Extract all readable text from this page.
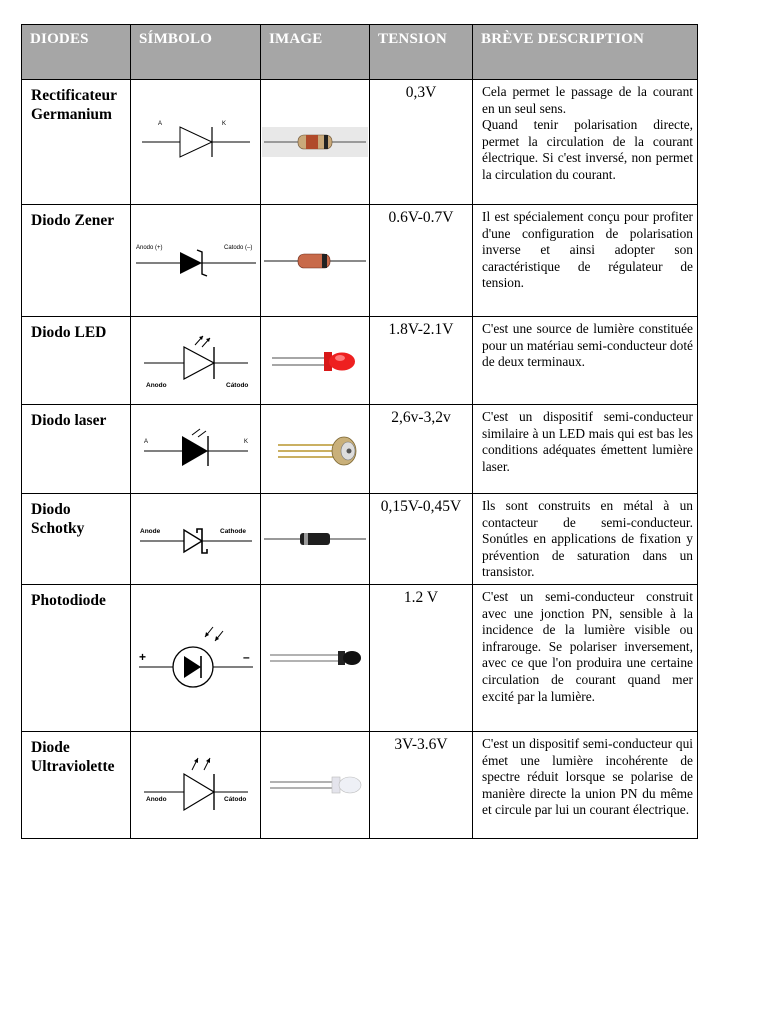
DIODES	SÍMBOLO	IMAGE	TENSION	BRÈVE DESCRIPTION
Rectificateur Germanium	A K		0,3V	Cela permet le passage de la courant en un seul sens.
Quand tenir polarisation directe, permet la circulation de la courant électrique. Si c'est inversé, non permet la circulation du courant.

Diodo Zener	Anodo (+) Catodo (–)		0.6V-0.7V	Il est spécialement conçu pour profiter d'une configuration de polarisation inverse et ainsi adopter son caractéristique de régulateur de tension.

Diodo LED	Anodo Cátodo		1.8V-2.1V	C'est une source de lumière constituée pour un matériau semi-conducteur doté de deux terminaux.

Diodo laser	A K		2,6v-3,2v	C'est un dispositif semi-conducteur similaire à un LED mais qui est bas les conditions adéquates émettent lumière laser.

Diodo Schotky	Anode Cathode		0,15V-0,45V	Ils sont construits en métal à un contacteur de semi-conducteur. Sonútles en applications de fixation y prévention de saturation dans un transistor.

Photodiode	+ –		1.2 V	C'est un semi-conducteur construit avec une jonction PN, sensible à la incidence de la lumière visible ou infrarouge. Se polariser inversement, avec ce que l'on produira une certaine circulation de courant quand mer excité par la lumière.

Diode Ultraviolette	Anodo Cátodo		3V-3.6V	C'est un dispositif semi-conducteur qui émet une lumière incohérente de spectre réduit lorsque se polarise de manière directe la union PN du même et circule par lui un courant électrique.
